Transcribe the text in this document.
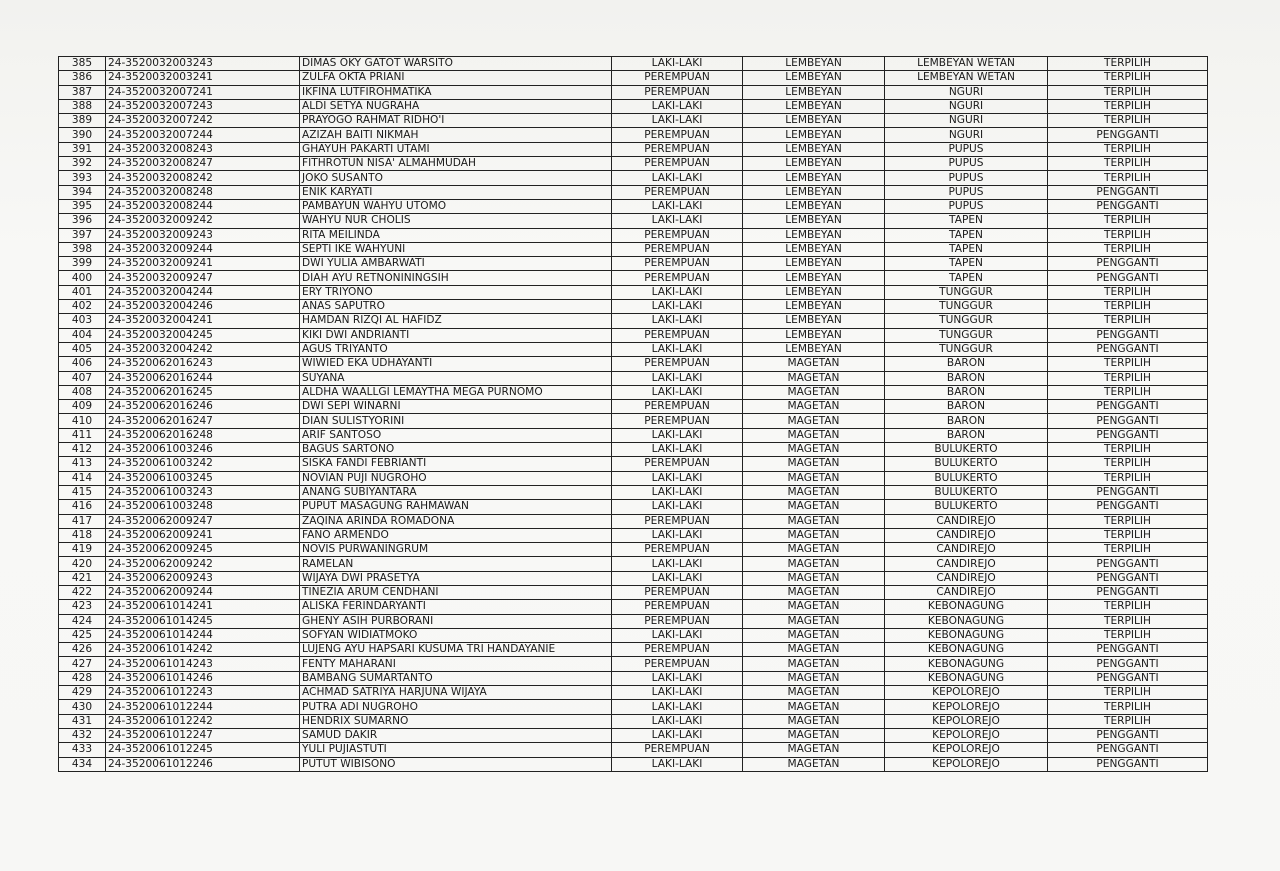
385	24-3520032003243	DIMAS OKY GATOT WARSITO	LAKI-LAKI	LEMBEYAN	LEMBEYAN WETAN	TERPILIH
386	24-3520032003241	ZULFA OKTA PRIANI	PEREMPUAN	LEMBEYAN	LEMBEYAN WETAN	TERPILIH
387	24-3520032007241	IKFINA LUTFIROHMATIKA	PEREMPUAN	LEMBEYAN	NGURI	TERPILIH
388	24-3520032007243	ALDI SETYA NUGRAHA	LAKI-LAKI	LEMBEYAN	NGURI	TERPILIH
389	24-3520032007242	PRAYOGO RAHMAT RIDHO'I	LAKI-LAKI	LEMBEYAN	NGURI	TERPILIH
390	24-3520032007244	AZIZAH BAITI NIKMAH	PEREMPUAN	LEMBEYAN	NGURI	PENGGANTI
391	24-3520032008243	GHAYUH PAKARTI UTAMI	PEREMPUAN	LEMBEYAN	PUPUS	TERPILIH
392	24-3520032008247	FITHROTUN NISA' ALMAHMUDAH	PEREMPUAN	LEMBEYAN	PUPUS	TERPILIH
393	24-3520032008242	JOKO SUSANTO	LAKI-LAKI	LEMBEYAN	PUPUS	TERPILIH
394	24-3520032008248	ENIK KARYATI	PEREMPUAN	LEMBEYAN	PUPUS	PENGGANTI
395	24-3520032008244	PAMBAYUN WAHYU UTOMO	LAKI-LAKI	LEMBEYAN	PUPUS	PENGGANTI
396	24-3520032009242	WAHYU NUR CHOLIS	LAKI-LAKI	LEMBEYAN	TAPEN	TERPILIH
397	24-3520032009243	RITA MEILINDA	PEREMPUAN	LEMBEYAN	TAPEN	TERPILIH
398	24-3520032009244	SEPTI IKE WAHYUNI	PEREMPUAN	LEMBEYAN	TAPEN	TERPILIH
399	24-3520032009241	DWI YULIA AMBARWATI	PEREMPUAN	LEMBEYAN	TAPEN	PENGGANTI
400	24-3520032009247	DIAH AYU RETNONININGSIH	PEREMPUAN	LEMBEYAN	TAPEN	PENGGANTI
401	24-3520032004244	ERY TRIYONO	LAKI-LAKI	LEMBEYAN	TUNGGUR	TERPILIH
402	24-3520032004246	ANAS SAPUTRO	LAKI-LAKI	LEMBEYAN	TUNGGUR	TERPILIH
403	24-3520032004241	HAMDAN RIZQI AL HAFIDZ	LAKI-LAKI	LEMBEYAN	TUNGGUR	TERPILIH
404	24-3520032004245	KIKI DWI ANDRIANTI	PEREMPUAN	LEMBEYAN	TUNGGUR	PENGGANTI
405	24-3520032004242	AGUS TRIYANTO	LAKI-LAKI	LEMBEYAN	TUNGGUR	PENGGANTI
406	24-3520062016243	WIWIED EKA UDHAYANTI	PEREMPUAN	MAGETAN	BARON	TERPILIH
407	24-3520062016244	SUYANA	LAKI-LAKI	MAGETAN	BARON	TERPILIH
408	24-3520062016245	ALDHA WAALLGI LEMAYTHA MEGA PURNOMO	LAKI-LAKI	MAGETAN	BARON	TERPILIH
409	24-3520062016246	DWI SEPI WINARNI	PEREMPUAN	MAGETAN	BARON	PENGGANTI
410	24-3520062016247	DIAN SULISTYORINI	PEREMPUAN	MAGETAN	BARON	PENGGANTI
411	24-3520062016248	ARIF SANTOSO	LAKI-LAKI	MAGETAN	BARON	PENGGANTI
412	24-3520061003246	BAGUS SARTONO	LAKI-LAKI	MAGETAN	BULUKERTO	TERPILIH
413	24-3520061003242	SISKA FANDI FEBRIANTI	PEREMPUAN	MAGETAN	BULUKERTO	TERPILIH
414	24-3520061003245	NOVIAN PUJI NUGROHO	LAKI-LAKI	MAGETAN	BULUKERTO	TERPILIH
415	24-3520061003243	ANANG SUBIYANTARA	LAKI-LAKI	MAGETAN	BULUKERTO	PENGGANTI
416	24-3520061003248	PUPUT MASAGUNG RAHMAWAN	LAKI-LAKI	MAGETAN	BULUKERTO	PENGGANTI
417	24-3520062009247	ZAQINA ARINDA ROMADONA	PEREMPUAN	MAGETAN	CANDIREJO	TERPILIH
418	24-3520062009241	FANO ARMENDO	LAKI-LAKI	MAGETAN	CANDIREJO	TERPILIH
419	24-3520062009245	NOVIS PURWANINGRUM	PEREMPUAN	MAGETAN	CANDIREJO	TERPILIH
420	24-3520062009242	RAMELAN	LAKI-LAKI	MAGETAN	CANDIREJO	PENGGANTI
421	24-3520062009243	WIJAYA DWI PRASETYA	LAKI-LAKI	MAGETAN	CANDIREJO	PENGGANTI
422	24-3520062009244	TINEZIA ARUM CENDHANI	PEREMPUAN	MAGETAN	CANDIREJO	PENGGANTI
423	24-3520061014241	ALISKA FERINDARYANTI	PEREMPUAN	MAGETAN	KEBONAGUNG	TERPILIH
424	24-3520061014245	GHENY ASIH PURBORANI	PEREMPUAN	MAGETAN	KEBONAGUNG	TERPILIH
425	24-3520061014244	SOFYAN WIDIATMOKO	LAKI-LAKI	MAGETAN	KEBONAGUNG	TERPILIH
426	24-3520061014242	LUJENG AYU HAPSARI KUSUMA TRI HANDAYANIE	PEREMPUAN	MAGETAN	KEBONAGUNG	PENGGANTI
427	24-3520061014243	FENTY MAHARANI	PEREMPUAN	MAGETAN	KEBONAGUNG	PENGGANTI
428	24-3520061014246	BAMBANG SUMARTANTO	LAKI-LAKI	MAGETAN	KEBONAGUNG	PENGGANTI
429	24-3520061012243	ACHMAD SATRIYA HARJUNA WIJAYA	LAKI-LAKI	MAGETAN	KEPOLOREJO	TERPILIH
430	24-3520061012244	PUTRA ADI NUGROHO	LAKI-LAKI	MAGETAN	KEPOLOREJO	TERPILIH
431	24-3520061012242	HENDRIX SUMARNO	LAKI-LAKI	MAGETAN	KEPOLOREJO	TERPILIH
432	24-3520061012247	SAMUD DAKIR	LAKI-LAKI	MAGETAN	KEPOLOREJO	PENGGANTI
433	24-3520061012245	YULI PUJIASTUTI	PEREMPUAN	MAGETAN	KEPOLOREJO	PENGGANTI
434	24-3520061012246	PUTUT WIBISONO	LAKI-LAKI	MAGETAN	KEPOLOREJO	PENGGANTI
